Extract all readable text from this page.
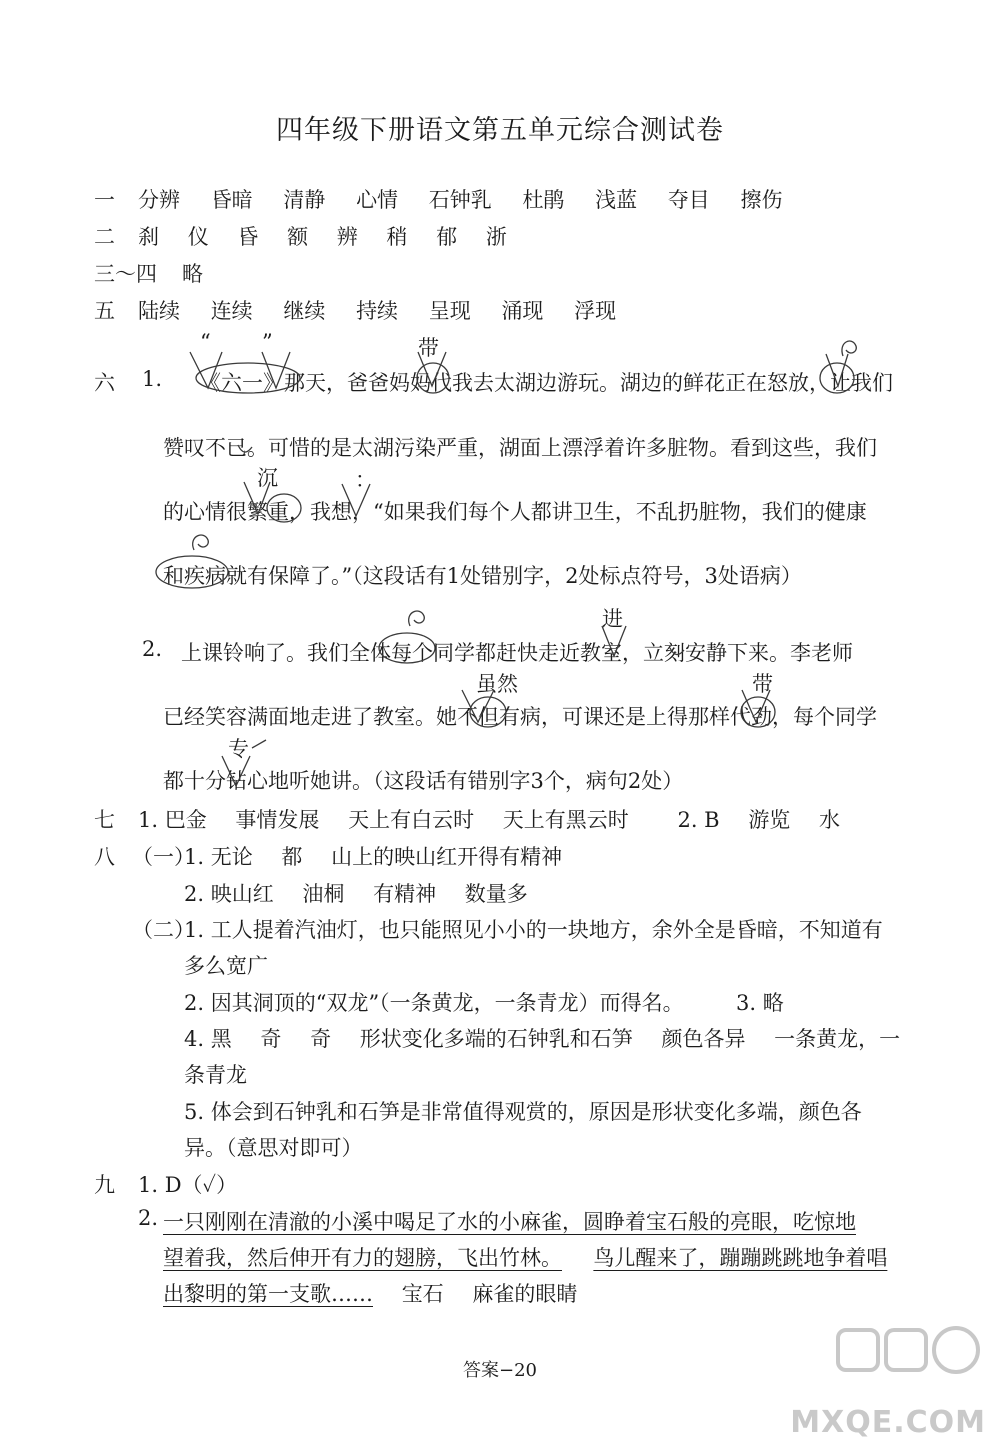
四年级下册语文第五单元综合测试卷
一 分辨 昏暗 清静 心情 石钟乳 杜鹃 浅蓝 夺目 擦伤
二 刹 仪 昏 额 辨 稍 郁 浙
三～四 略
五 陆续 连续 继续 持续 呈现 涌现 浮现
六 1.
“ ”	带
《六一》那天，爸爸妈妈代我去太湖边游玩。湖边的鲜花正在怒放，让我们
赞叹不已。可惜的是太湖污染严重，湖面上漂浮着许多脏物。看到这些，我们
沉	：
的心情很繁重，我想，“如果我们每个人都讲卫生，不乱扔脏物，我们的健康
和疾病就有保障了。”（这段话有1处错别字，2处标点符号，3处语病）
2.
进
上课铃响了。我们全体每个同学都赶快走近教室，立刻安静下来。李老师
虽然	带
已经笑容满面地走进了教室。她不但有病，可课还是上得那样代劲，每个同学
专
都十分钻心地听她讲。（这段话有错别字3个，病句2处）
七 1. 巴金 事情发展 天上有白云时 天上有黑云时 2. B 游览 水
八 （一）
1. 无论 都 山上的映山红开得有精神
2. 映山红 油桐 有精神 数量多
（二）
1. 工人提着汽油灯，也只能照见小小的一块地方，余外全是昏暗，不知道有
多么宽广
2. 因其洞顶的“双龙”（一条黄龙，一条青龙）而得名。 3. 略
4. 黑 奇 奇 形状变化多端的石钟乳和石笋 颜色各异 一条黄龙，一
条青龙
5. 体会到石钟乳和石笋是非常值得观赏的，原因是形状变化多端，颜色各
异。（意思对即可）
九 1. D（✓）
2. 一只刚刚在清澈的小溪中喝足了水的小麻雀，圆睁着宝石般的亮眼，吃惊地
望着我，然后伸开有力的翅膀，飞出竹林。 鸟儿醒来了，蹦蹦跳跳地争着唱
出黎明的第一支歌…… 宝石 麻雀的眼睛
答案−20
MXQE.COM
